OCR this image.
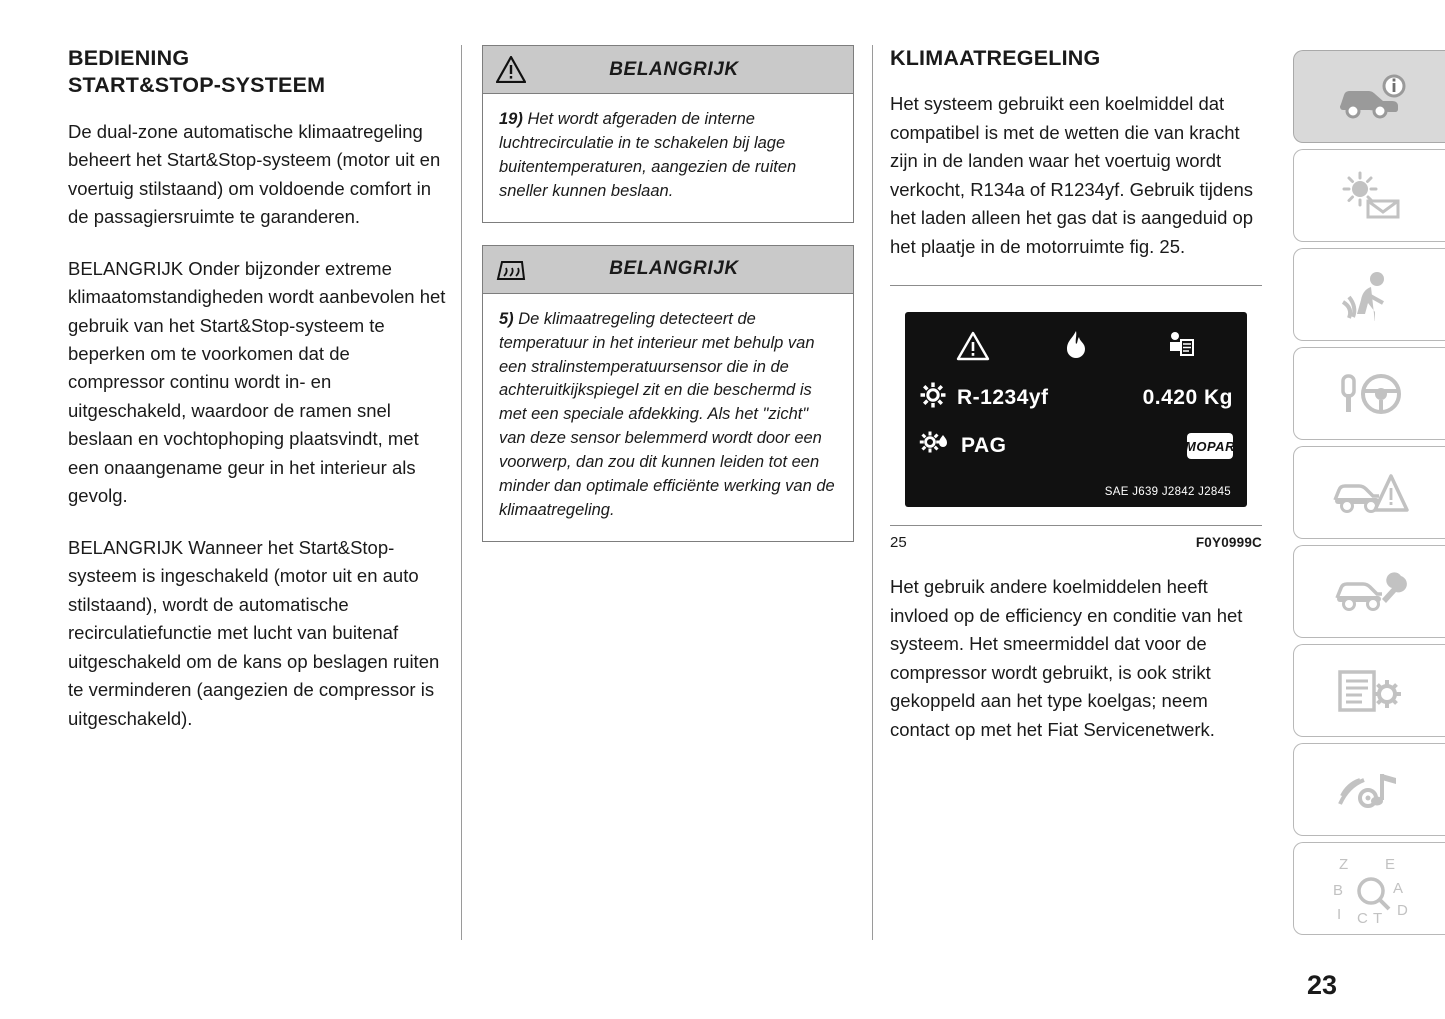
BEDIENING
START&STOP-SYSTEEM

De dual-zone automatische klimaatregeling beheert het Start&Stop-systeem (motor uit en voertuig stilstaand) om voldoende comfort in de passagiersruimte te garanderen.

BELANGRIJK Onder bijzonder extreme klimaatomstandigheden wordt aanbevolen het gebruik van het Start&Stop-systeem te beperken om te voorkomen dat de compressor continu wordt in- en uitgeschakeld, waardoor de ramen snel beslaan en vochtophoping plaatsvindt, met een onaangename geur in het interieur als gevolg.

BELANGRIJK Wanneer het Start&Stop-systeem is ingeschakeld (motor uit en auto stilstaand), wordt de automatische recirculatiefunctie met lucht van buitenaf uitgeschakeld om de kans op beslagen ruiten te verminderen (aangezien de compressor is uitgeschakeld).

BELANGRIJK
19) Het wordt afgeraden de interne luchtrecirculatie in te schakelen bij lage buitentemperaturen, aangezien de ruiten sneller kunnen beslaan.
BELANGRIJK
5) De klimaatregeling detecteert de temperatuur in het interieur met behulp van een stralinstemperatuursensor die in de achteruitkijkspiegel zit en die beschermd is met een speciale afdekking. Als het "zicht" van deze sensor belemmerd wordt door een voorwerp, dan zou dit kunnen leiden tot een minder dan optimale efficiënte werking van de klimaatregeling.
KLIMAATREGELING

Het systeem gebruikt een koelmiddel dat compatibel is met de wetten die van kracht zijn in de landen waar het voertuig wordt verkocht, R134a of R1234yf. Gebruik tijdens het laden alleen het gas dat is aangeduid op het plaatje in de motorruimte fig. 25.

R-1234yf	0.420 Kg
PAG	MOPAR
SAE J639 J2842 J2845
25	F0Y0999C

Het gebruik andere koelmiddelen heeft invloed op de efficiency en conditie van het systeem. Het smeermiddel dat voor de compressor wordt gebruikt, is ook strikt gekoppeld aan het type koelgas; neem contact op met het Fiat Servicenetwerk.

Z E
B	A
I C T D
23
